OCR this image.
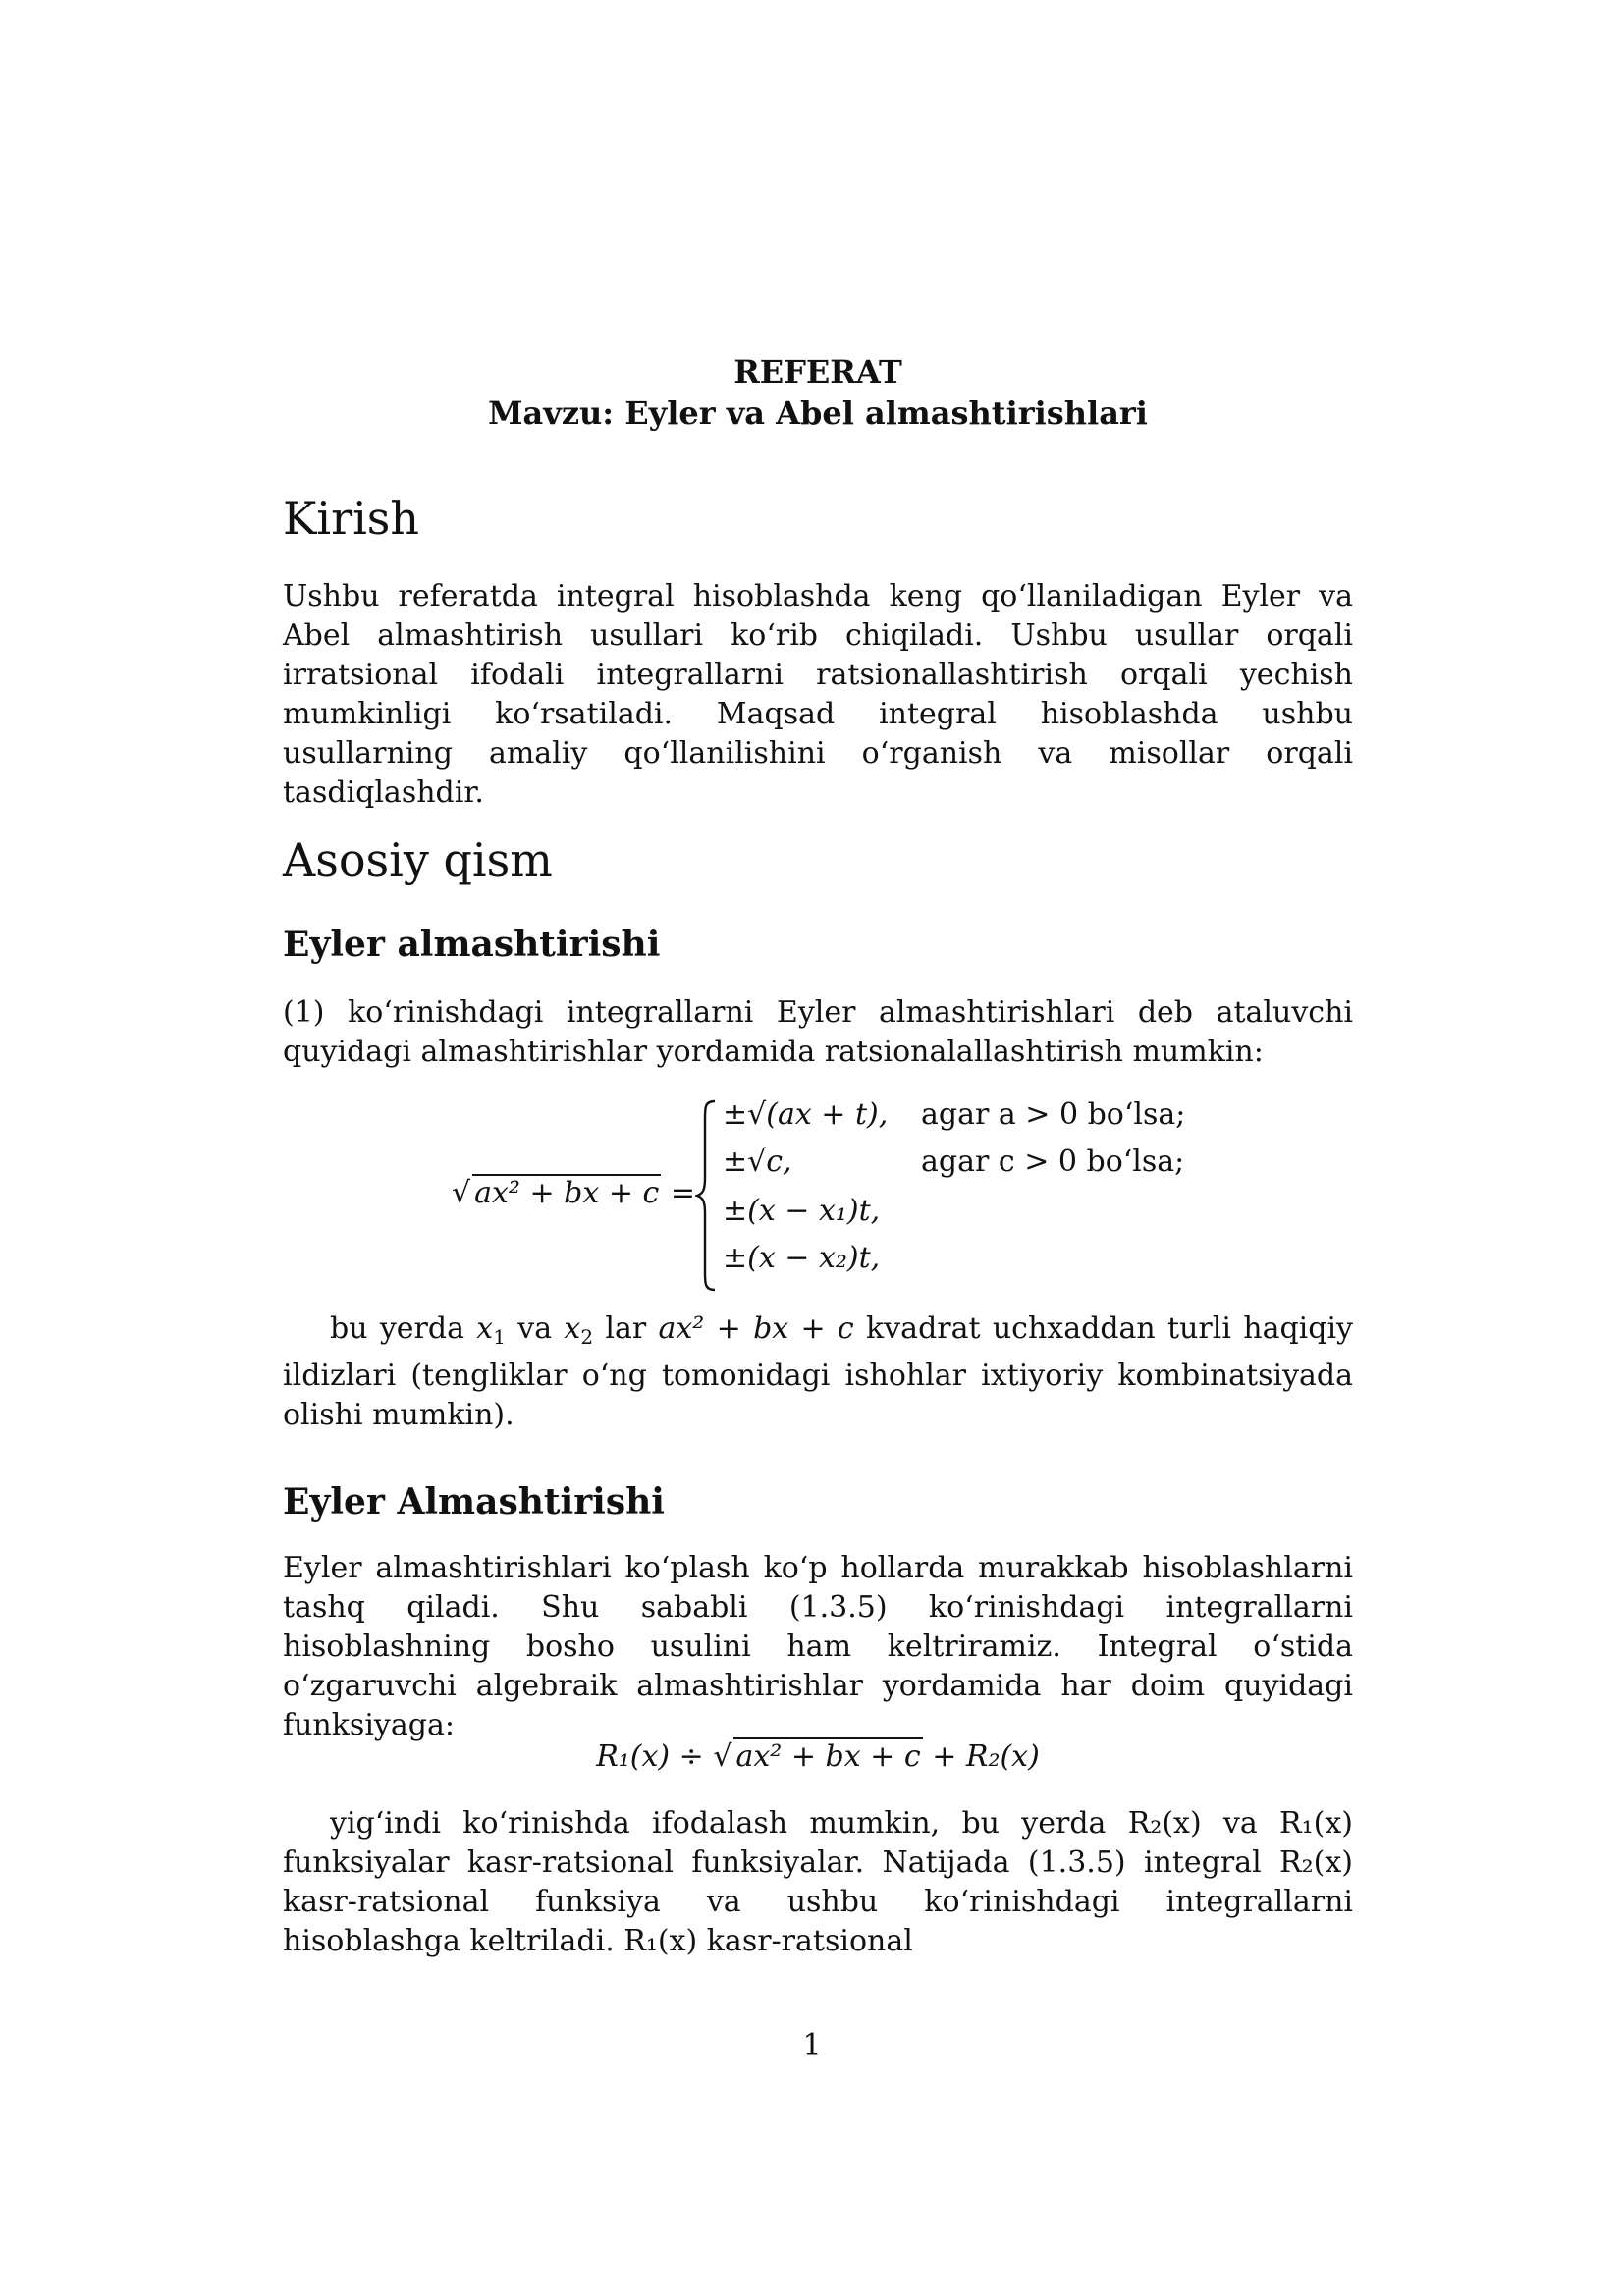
REFERAT
Mavzu: Eyler va Abel almashtirishlari
Kirish

Ushbu referatda integral hisoblashda keng qo‘llaniladigan Eyler va Abel almashtirish usullari ko‘rib chiqiladi. Ushbu usullar orqali irratsional ifodali integrallarni ratsionallashtirish orqali yechish mumkinligi ko‘rsatiladi. Maqsad integral hisoblashda ushbu usullarning amaliy qo‘llanilishini o‘rganish va misollar orqali tasdiqlashdir.

Asosiy qism
Eyler almashtirishi

(1) ko‘rinishdagi integrallarni Eyler almashtirishlari deb ataluvchi quyidagi almashtirishlar yordamida ratsionalallashtirish mumkin:

√ ax² + bx + c =
±√(ax + t),
±√c,
±(x − x₁)t,
±(x − x₂)t,
agar a > 0 bo‘lsa;
agar c > 0 bo‘lsa;

bu yerda $x_1$ va $x_2$ lar ax² + bx + c kvadrat uchxaddan turli haqiqiy ildizlari (tengliklar o‘ng tomonidagi ishohlar ixtiyoriy kombinatsiyada olishi mumkin).

Eyler Almashtirishi

Eyler almashtirishlari ko‘plash ko‘p hollarda murakkab hisoblashlarni tashq qiladi. Shu sababli (1.3.5) ko‘rinishdagi integrallarni hisoblashning bosho usulini ham keltriramiz. Integral o‘stida o‘zgaruvchi algebraik almashtirishlar yordamida har doim quyidagi funksiyaga:

R₁(x) ÷ √ ax² + bx + c + R₂(x)

yig‘indi ko‘rinishda ifodalash mumkin, bu yerda R₂(x) va R₁(x) funksiyalar kasr-ratsional funksiyalar. Natijada (1.3.5) integral R₂(x) kasr-ratsional funksiya va ushbu ko‘rinishdagi integrallarni hisoblashga keltriladi. R₁(x) kasr-ratsional

1
